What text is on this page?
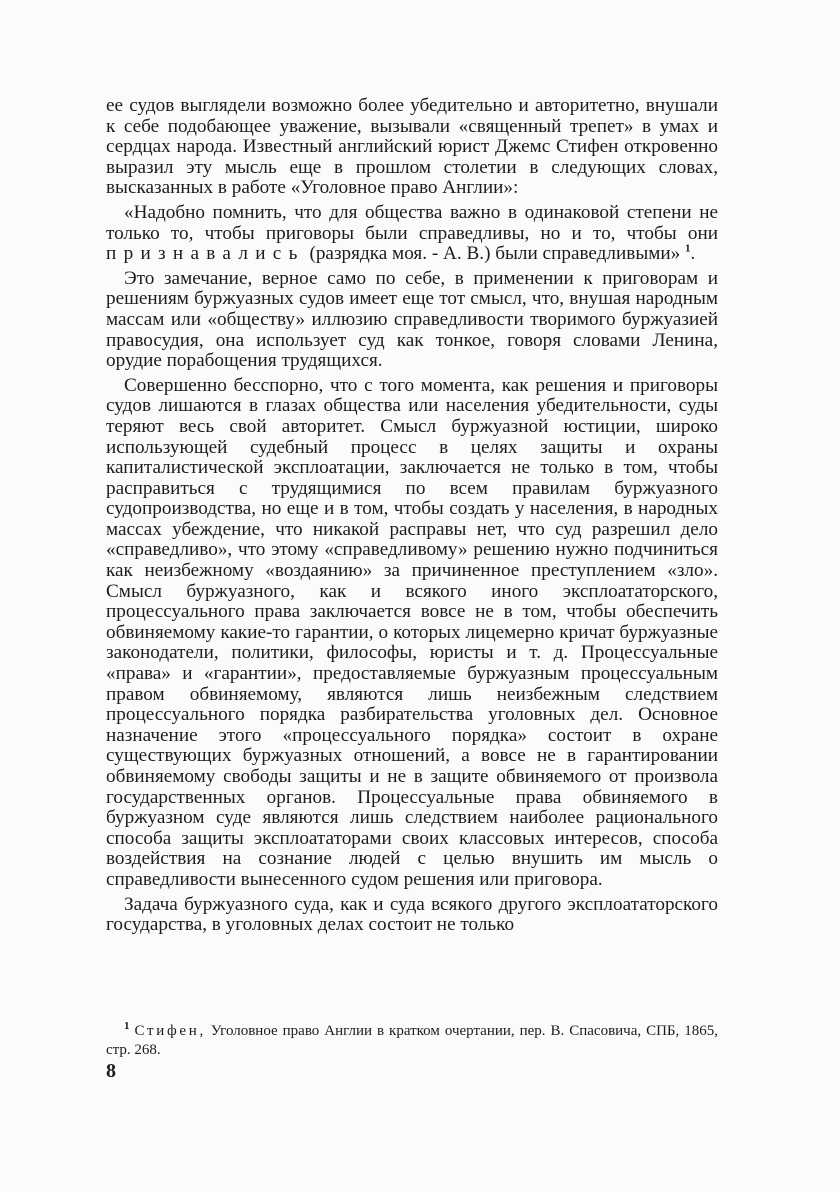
ее судов выглядели возможно более убедительно и авторитетно, внушали к себе подобающее уважение, вызывали «священный трепет» в умах и сердцах народа. Известный английский юрист Джемс Стифен откровенно выразил эту мысль еще в прошлом столетии в следующих словах, высказанных в работе «Уголовное право Англии»:

«Надобно помнить, что для общества важно в одинаковой степени не только то, чтобы приговоры были справедливы, но и то, чтобы они признавались (разрядка моя. - А. В.) были справедливыми» $^1$.

Это замечание, верное само по себе, в применении к приговорам и решениям буржуазных судов имеет еще тот смысл, что, внушая народным массам или «обществу» иллюзию справедливости творимого буржуазией правосудия, она использует суд как тонкое, говоря словами Ленина, орудие порабощения трудящихся.

Совершенно бесспорно, что с того момента, как решения и приговоры судов лишаются в глазах общества или населения убедительности, суды теряют весь свой авторитет. Смысл буржуазной юстиции, широко использующей судебный процесс в целях защиты и охраны капиталистической эксплоатации, заключается не только в том, чтобы расправиться с трудящимися по всем правилам буржуазного судопроизводства, но еще и в том, чтобы создать у населения, в народных массах убеждение, что никакой расправы нет, что суд разрешил дело «справедливо», что этому «справедливому» решению нужно подчиниться как неизбежному «воздаянию» за причиненное преступлением «зло». Смысл буржуазного, как и всякого иного эксплоататорского, процессуального права заключается вовсе не в том, чтобы обеспечить обвиняемому какие-то гарантии, о которых лицемерно кричат буржуазные законодатели, политики, философы, юристы и т. д. Процессуальные «права» и «гарантии», предоставляемые буржуазным процессуальным правом обвиняемому, являются лишь неизбежным следствием процессуального порядка разбирательства уголовных дел. Основное назначение этого «процессуального порядка» состоит в охране существующих буржуазных отношений, а вовсе не в гарантировании обвиняемому свободы защиты и не в защите обвиняемого от произвола государственных органов. Процессуальные права обвиняемого в буржуазном суде являются лишь следствием наиболее рационального способа защиты эксплоататорами своих классовых интересов, способа воздействия на сознание людей с целью внушить им мысль о справедливости вынесенного судом решения или приговора.

Задача буржуазного суда, как и суда всякого другого эксплоататорского государства, в уголовных делах состоит не только

$^1$ Стифен, Уголовное право Англии в кратком очертании, пер. В. Спасовича, СПБ, 1865, стр. 268.
8
